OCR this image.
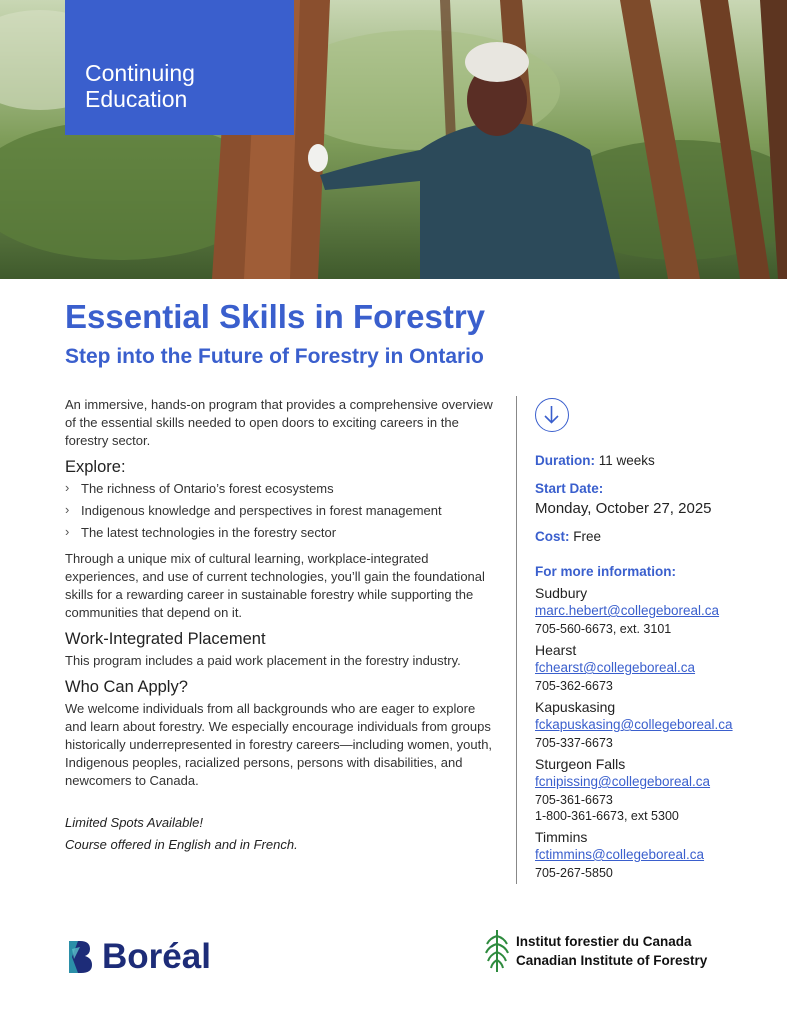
Continuing
Education
Essential Skills in Forestry
Step into the Future of Forestry in Ontario

An immersive, hands-on program that provides a comprehensive overview of the essential skills needed to open doors to exciting careers in the forestry sector.

Explore:
› The richness of Ontario’s forest ecosystems
› Indigenous knowledge and perspectives in forest management
› The latest technologies in the forestry sector

Through a unique mix of cultural learning, workplace-integrated experiences, and use of current technologies, you’ll gain the foundational skills for a rewarding career in sustainable forestry while supporting the communities that depend on it.

Work-Integrated Placement

This program includes a paid work placement in the forestry industry.

Who Can Apply?

We welcome individuals from all backgrounds who are eager to explore and learn about forestry. We especially encourage individuals from groups historically underrepresented in forestry careers—including women, youth, Indigenous peoples, racialized persons, persons with disabilities, and newcomers to Canada.

Limited Spots Available!
Course offered in English and in French.
Duration: 11 weeks
Start Date:
Monday, October 27, 2025
Cost: Free
For more information:
Sudbury
marc.hebert@collegeboreal.ca
705-560-6673, ext. 3101
Hearst
fchearst@collegeboreal.ca
705-362-6673
Kapuskasing
fckapuskasing@collegeboreal.ca
705-337-6673
Sturgeon Falls
fcnipissing@collegeboreal.ca
705-361-6673
1-800-361-6673, ext 5300
Timmins
fctimmins@collegeboreal.ca
705-267-5850
Boréal	Institut forestier du Canada
Canadian Institute of Forestry
